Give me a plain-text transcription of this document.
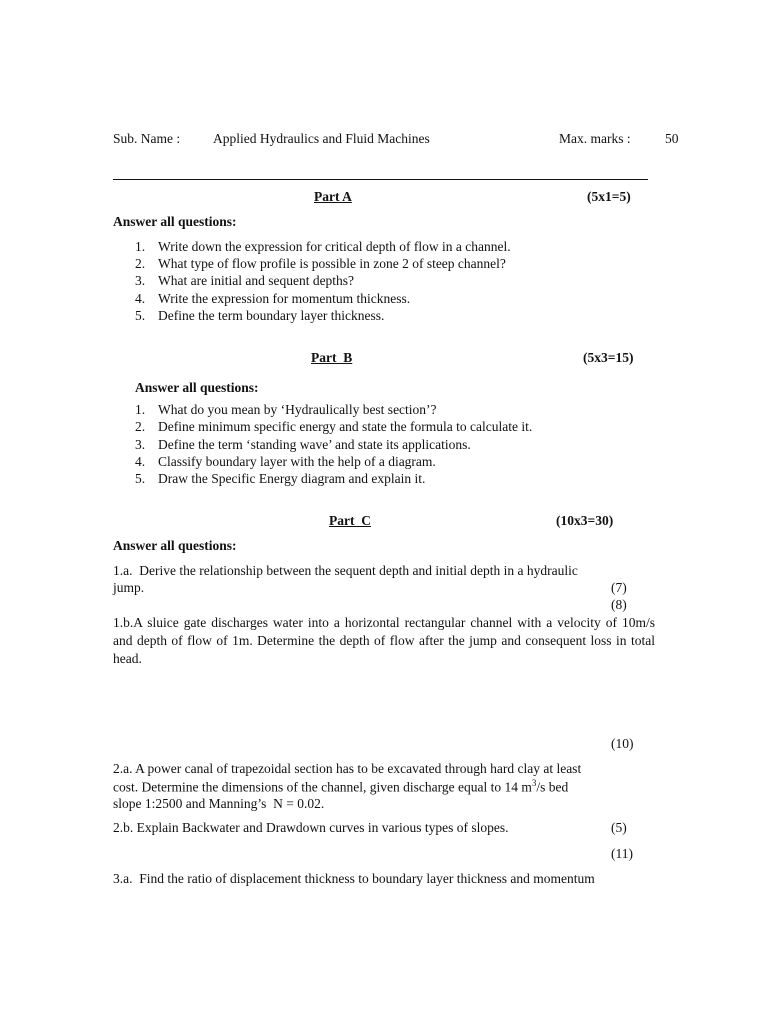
Sub. Name : Applied Hydraulics and Fluid Machines	Max. marks :	50
Part A	(5x1=5)
Answer all questions:
1. Write down the expression for critical depth of flow in a channel.
2. What type of flow profile is possible in zone 2 of steep channel?
3. What are initial and sequent depths?
4. Write the expression for momentum thickness.
5. Define the term boundary layer thickness.
Part  B	(5x3=15)
Answer all questions:
1. What do you mean by ‘Hydraulically best section’?
2. Define minimum specific energy and state the formula to calculate it.
3. Define the term ‘standing wave’ and state its applications.
4. Classify boundary layer with the help of a diagram.
5. Draw the Specific Energy diagram and explain it.
Part  C	(10x3=30)
Answer all questions:
1.a.  Derive the relationship between the sequent depth and initial depth in a hydraulic
jump.	(7)
(8)
1.b.A sluice gate discharges water into a horizontal rectangular channel with a velocity of 10m/s and depth of flow of 1m. Determine the depth of flow after the jump and consequent loss in total head.
(10)
2.a. A power canal of trapezoidal section has to be excavated through hard clay at least
cost. Determine the dimensions of the channel, given discharge equal to 14 $m^3/s$ bed
slope 1:2500 and Manning’s  N = 0.02.
2.b. Explain Backwater and Drawdown curves in various types of slopes.	(5)
(11)
3.a.  Find the ratio of displacement thickness to boundary layer thickness and momentum
